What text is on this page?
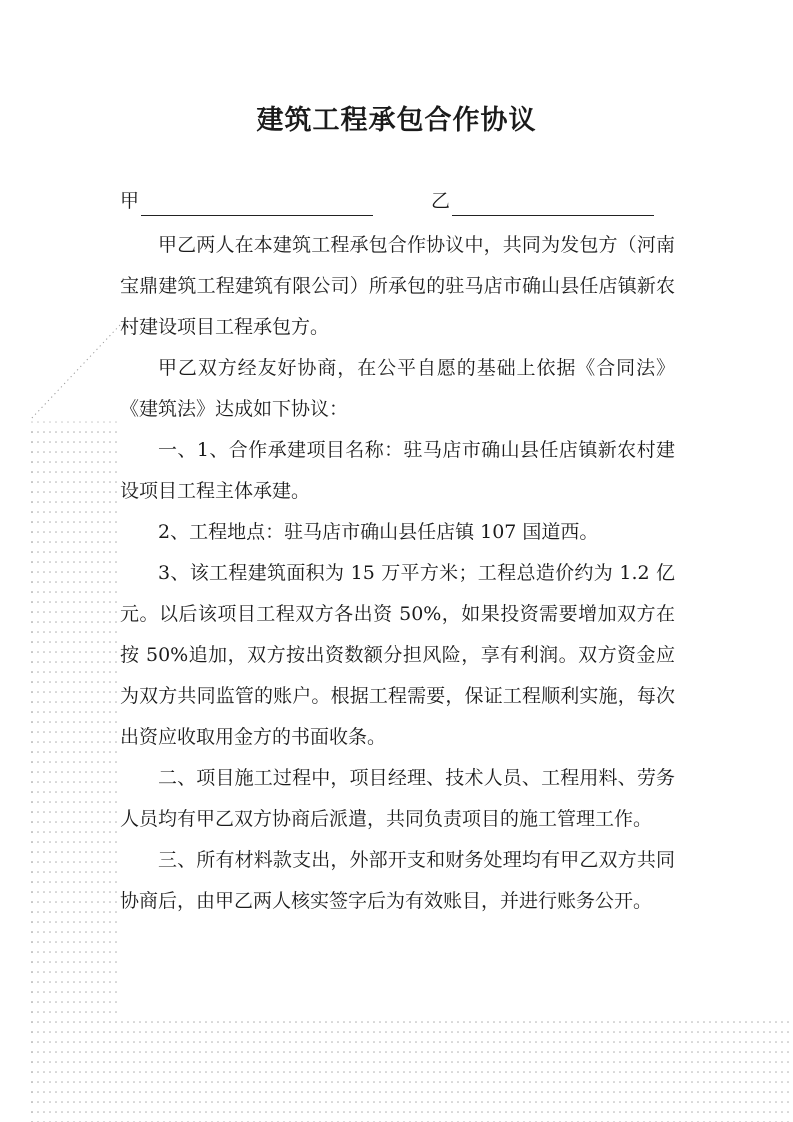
建筑工程承包合作协议
甲	乙

甲乙两人在本建筑工程承包合作协议中，共同为发包方（河南宝鼎建筑工程建筑有限公司）所承包的驻马店市确山县任店镇新农村建设项目工程承包方。

甲乙双方经友好协商，在公平自愿的基础上依据《合同法》《建筑法》达成如下协议：

一、1、合作承建项目名称：驻马店市确山县任店镇新农村建设项目工程主体承建。

2、工程地点：驻马店市确山县任店镇 107 国道西。

3、该工程建筑面积为 15 万平方米；工程总造价约为 1.2 亿元。以后该项目工程双方各出资 50%，如果投资需要增加双方在按 50%追加，双方按出资数额分担风险，享有利润。双方资金应为双方共同监管的账户。根据工程需要，保证工程顺利实施，每次出资应收取用金方的书面收条。

二、项目施工过程中，项目经理、技术人员、工程用料、劳务人员均有甲乙双方协商后派遣，共同负责项目的施工管理工作。

三、所有材料款支出，外部开支和财务处理均有甲乙双方共同协商后，由甲乙两人核实签字后为有效账目，并进行账务公开。
